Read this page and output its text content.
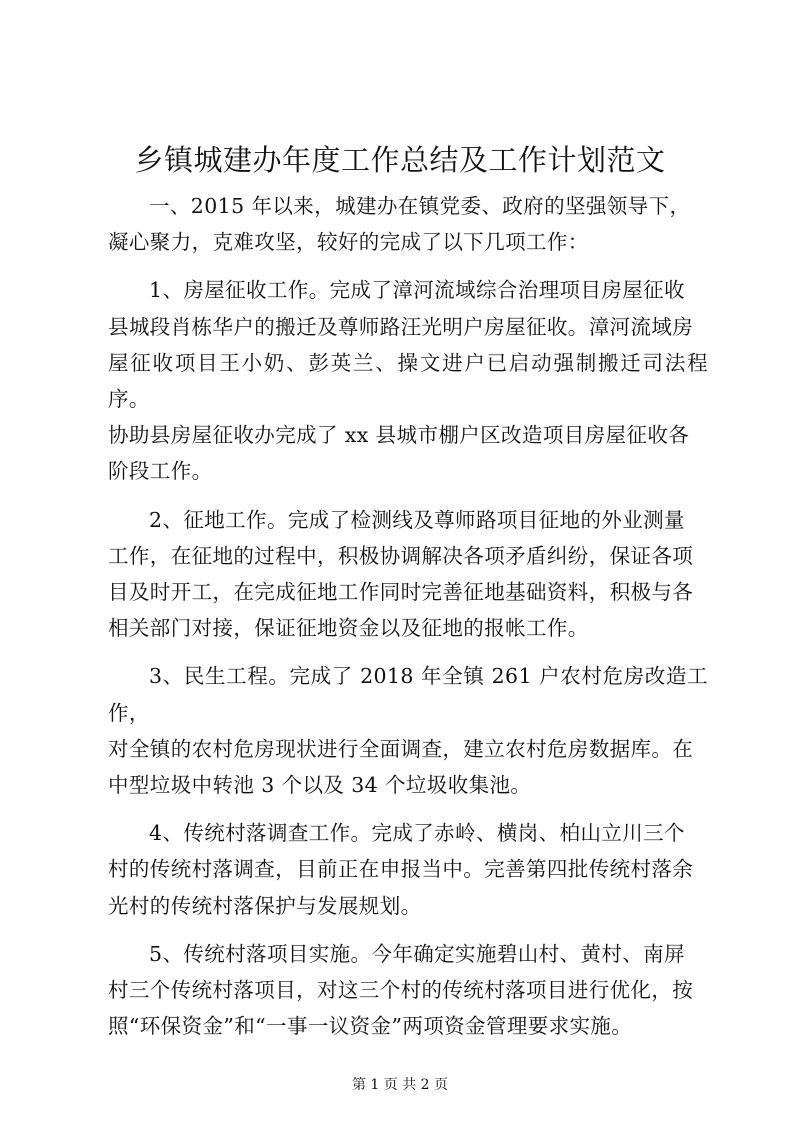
乡镇城建办年度工作总结及工作计划范文

一、2015 年以来，城建办在镇党委、政府的坚强领导下，
凝心聚力，克难攻坚，较好的完成了以下几项工作：

1、房屋征收工作。完成了漳河流域综合治理项目房屋征收
县城段肖栋华户的搬迁及尊师路汪光明户房屋征收。漳河流域房
屋征收项目王小奶、彭英兰、操文进户已启动强制搬迁司法程序。
协助县房屋征收办完成了 xx 县城市棚户区改造项目房屋征收各
阶段工作。

2、征地工作。完成了检测线及尊师路项目征地的外业测量
工作，在征地的过程中，积极协调解决各项矛盾纠纷，保证各项
目及时开工，在完成征地工作同时完善征地基础资料，积极与各
相关部门对接，保证征地资金以及征地的报帐工作。

3、民生工程。完成了 2018 年全镇 261 户农村危房改造工作，
对全镇的农村危房现状进行全面调查，建立农村危房数据库。在
中型垃圾中转池 3 个以及 34 个垃圾收集池。

4、传统村落调查工作。完成了赤岭、横岗、柏山立川三个
村的传统村落调查，目前正在申报当中。完善第四批传统村落余
光村的传统村落保护与发展规划。

5、传统村落项目实施。今年确定实施碧山村、黄村、南屏
村三个传统村落项目，对这三个村的传统村落项目进行优化，按
照“环保资金”和“一事一议资金”两项资金管理要求实施。

第 1 页 共 2 页
